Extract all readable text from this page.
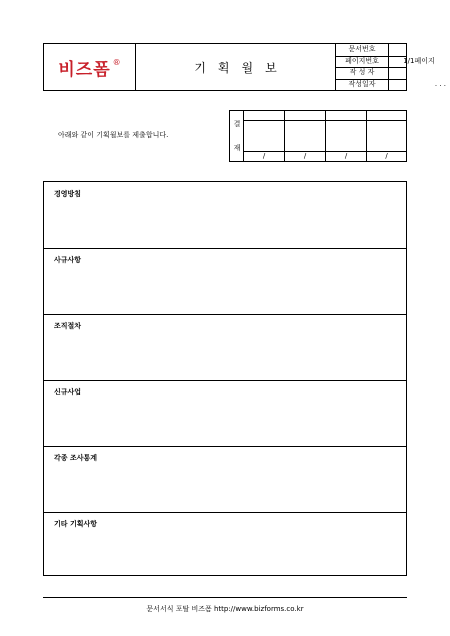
비즈폼 ®	기획월보
문서번호
페이지번호	1/1페이지
작 성 자
작성일자	. . .
아래와 같이 기획월보를 제출합니다.
결
재
/	/	/	/
경영방침
사규사항
조직절차
신규사업
각종 조사통계
기타 기획사항
문서서식 포탈 비즈폼 http://www.bizforms.co.kr
